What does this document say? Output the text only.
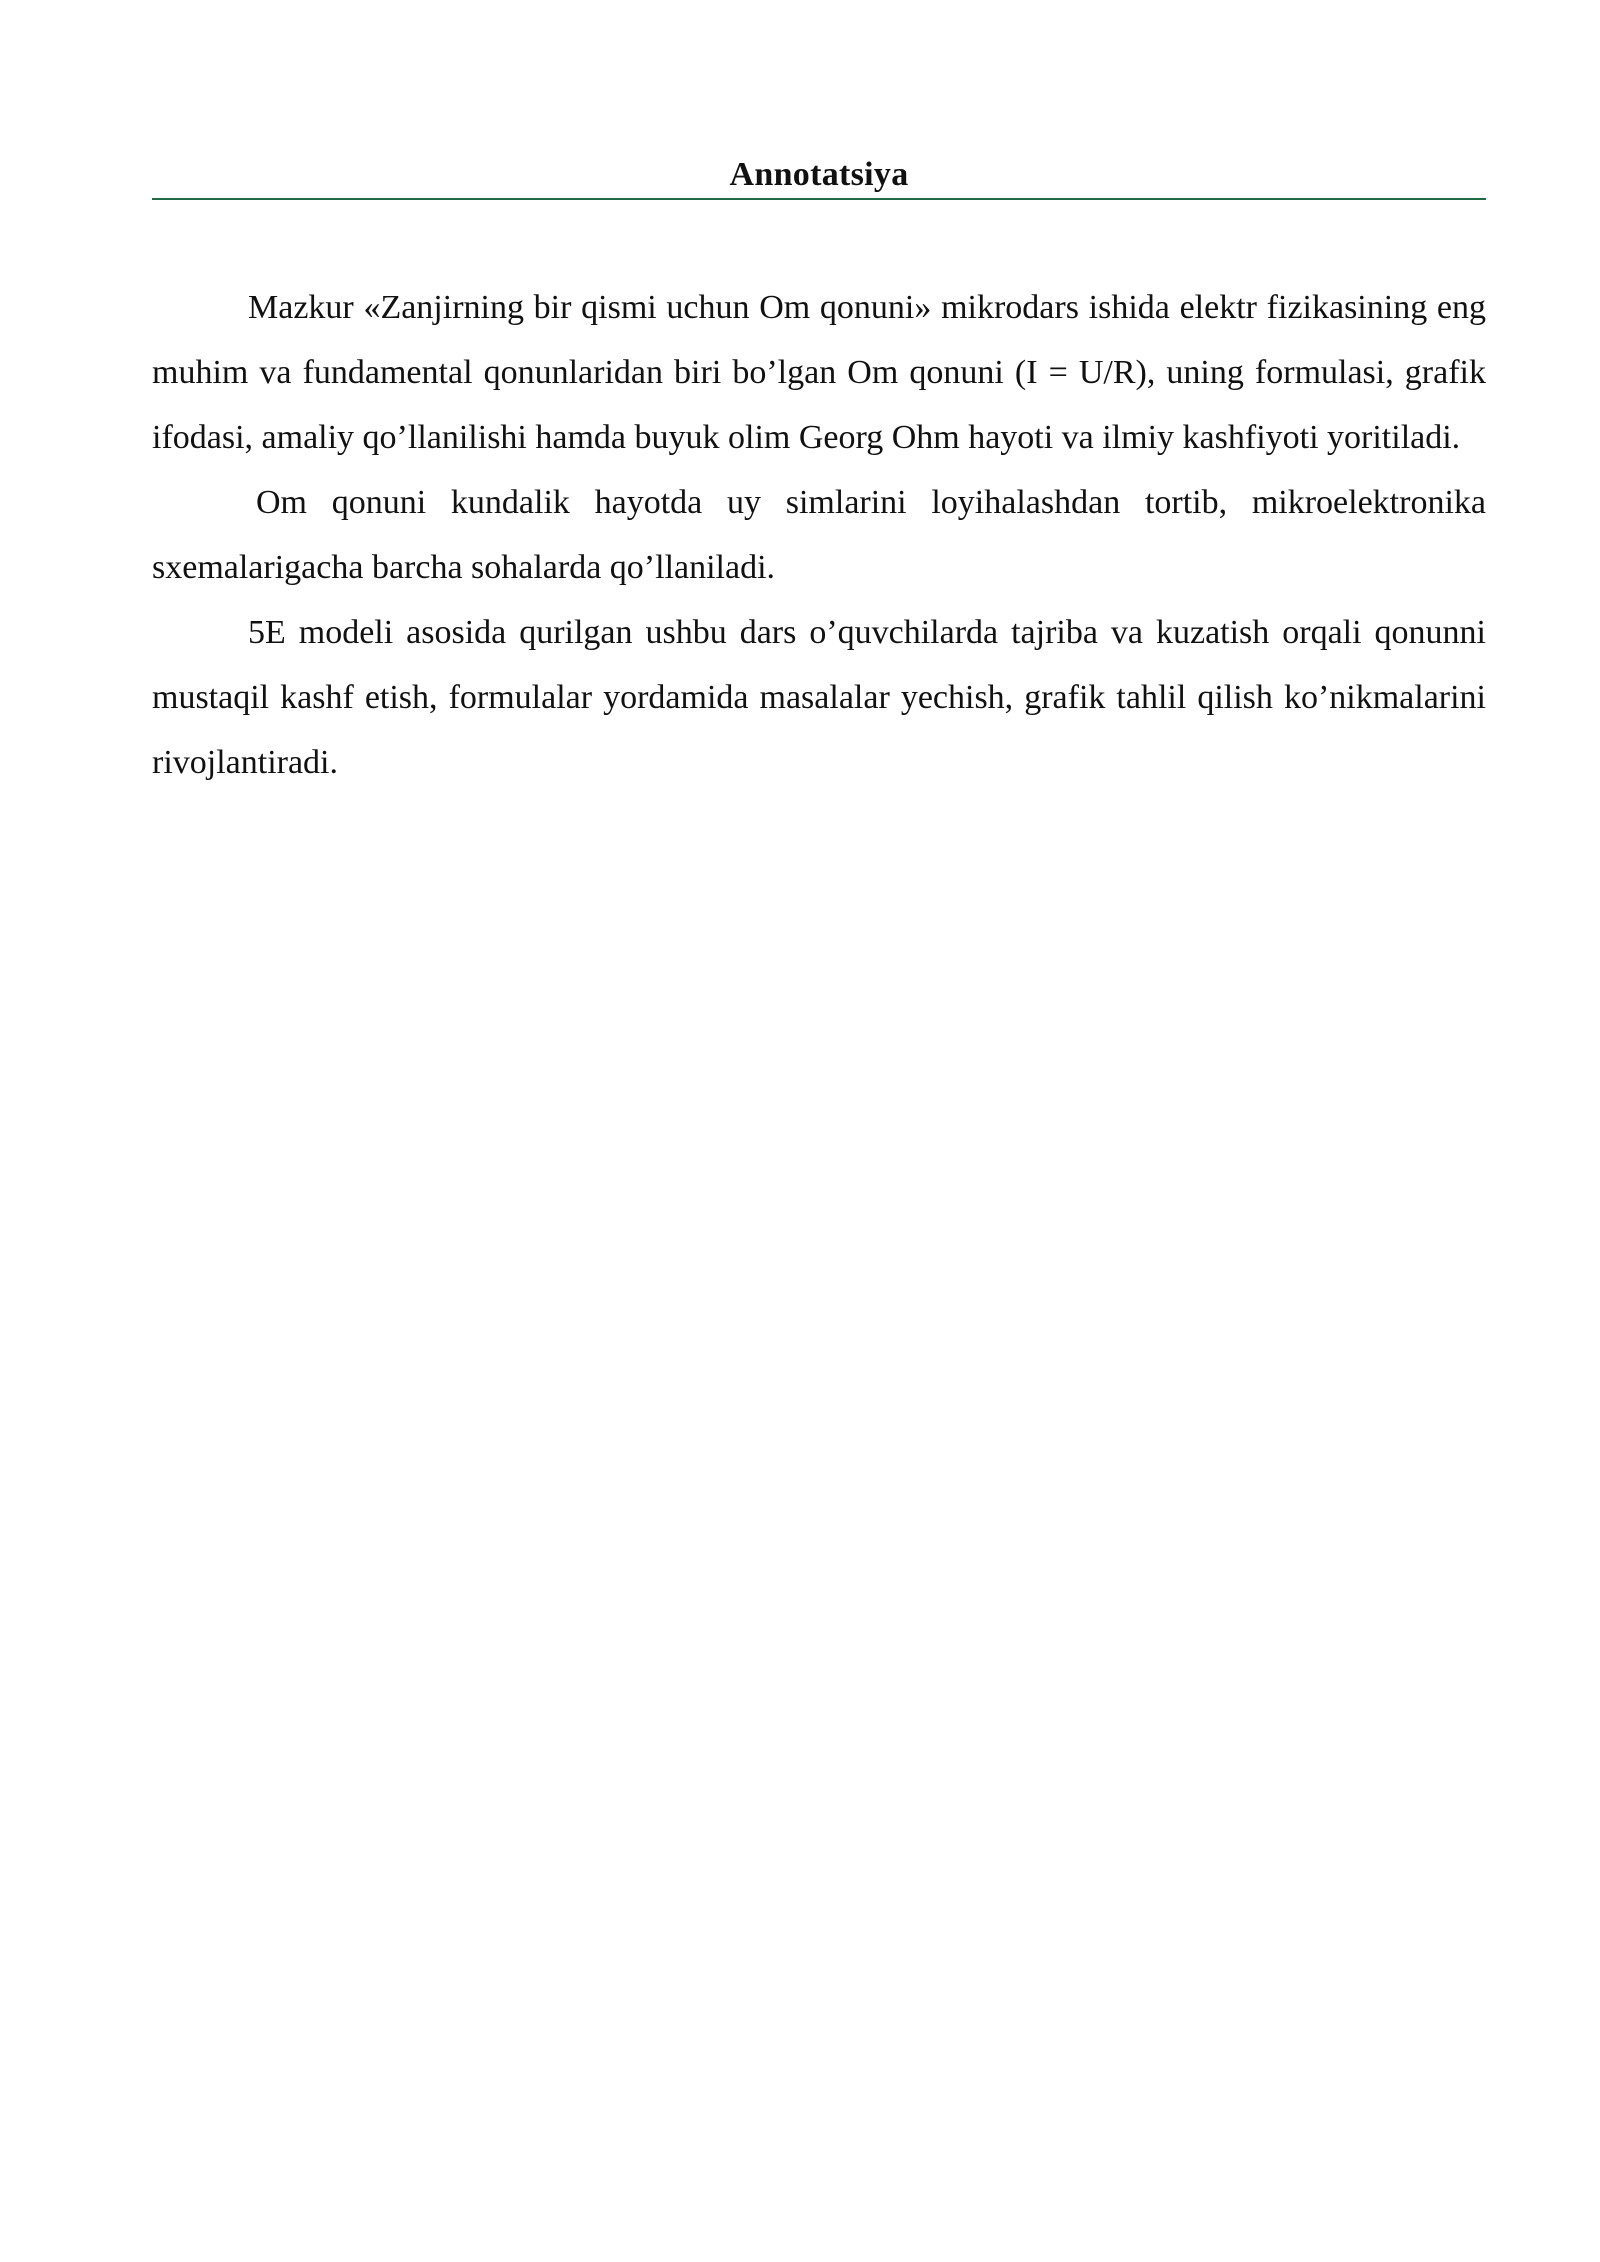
Annotatsiya

Mazkur «Zanjirning bir qismi uchun Om qonuni» mikrodars ishida elektr fizikasining eng muhim va fundamental qonunlaridan biri bo’lgan Om qonuni (I = U/R), uning formulasi, grafik ifodasi, amaliy qo’llanilishi hamda buyuk olim Georg Ohm hayoti va ilmiy kashfiyoti yoritiladi.

Om qonuni kundalik hayotda uy simlarini loyihalashdan tortib, mikroelektronika sxemalarigacha barcha sohalarda qo’llaniladi.

5E modeli asosida qurilgan ushbu dars o’quvchilarda tajriba va kuzatish orqali qonunni mustaqil kashf etish, formulalar yordamida masalalar yechish, grafik tahlil qilish ko’nikmalarini rivojlantiradi.
